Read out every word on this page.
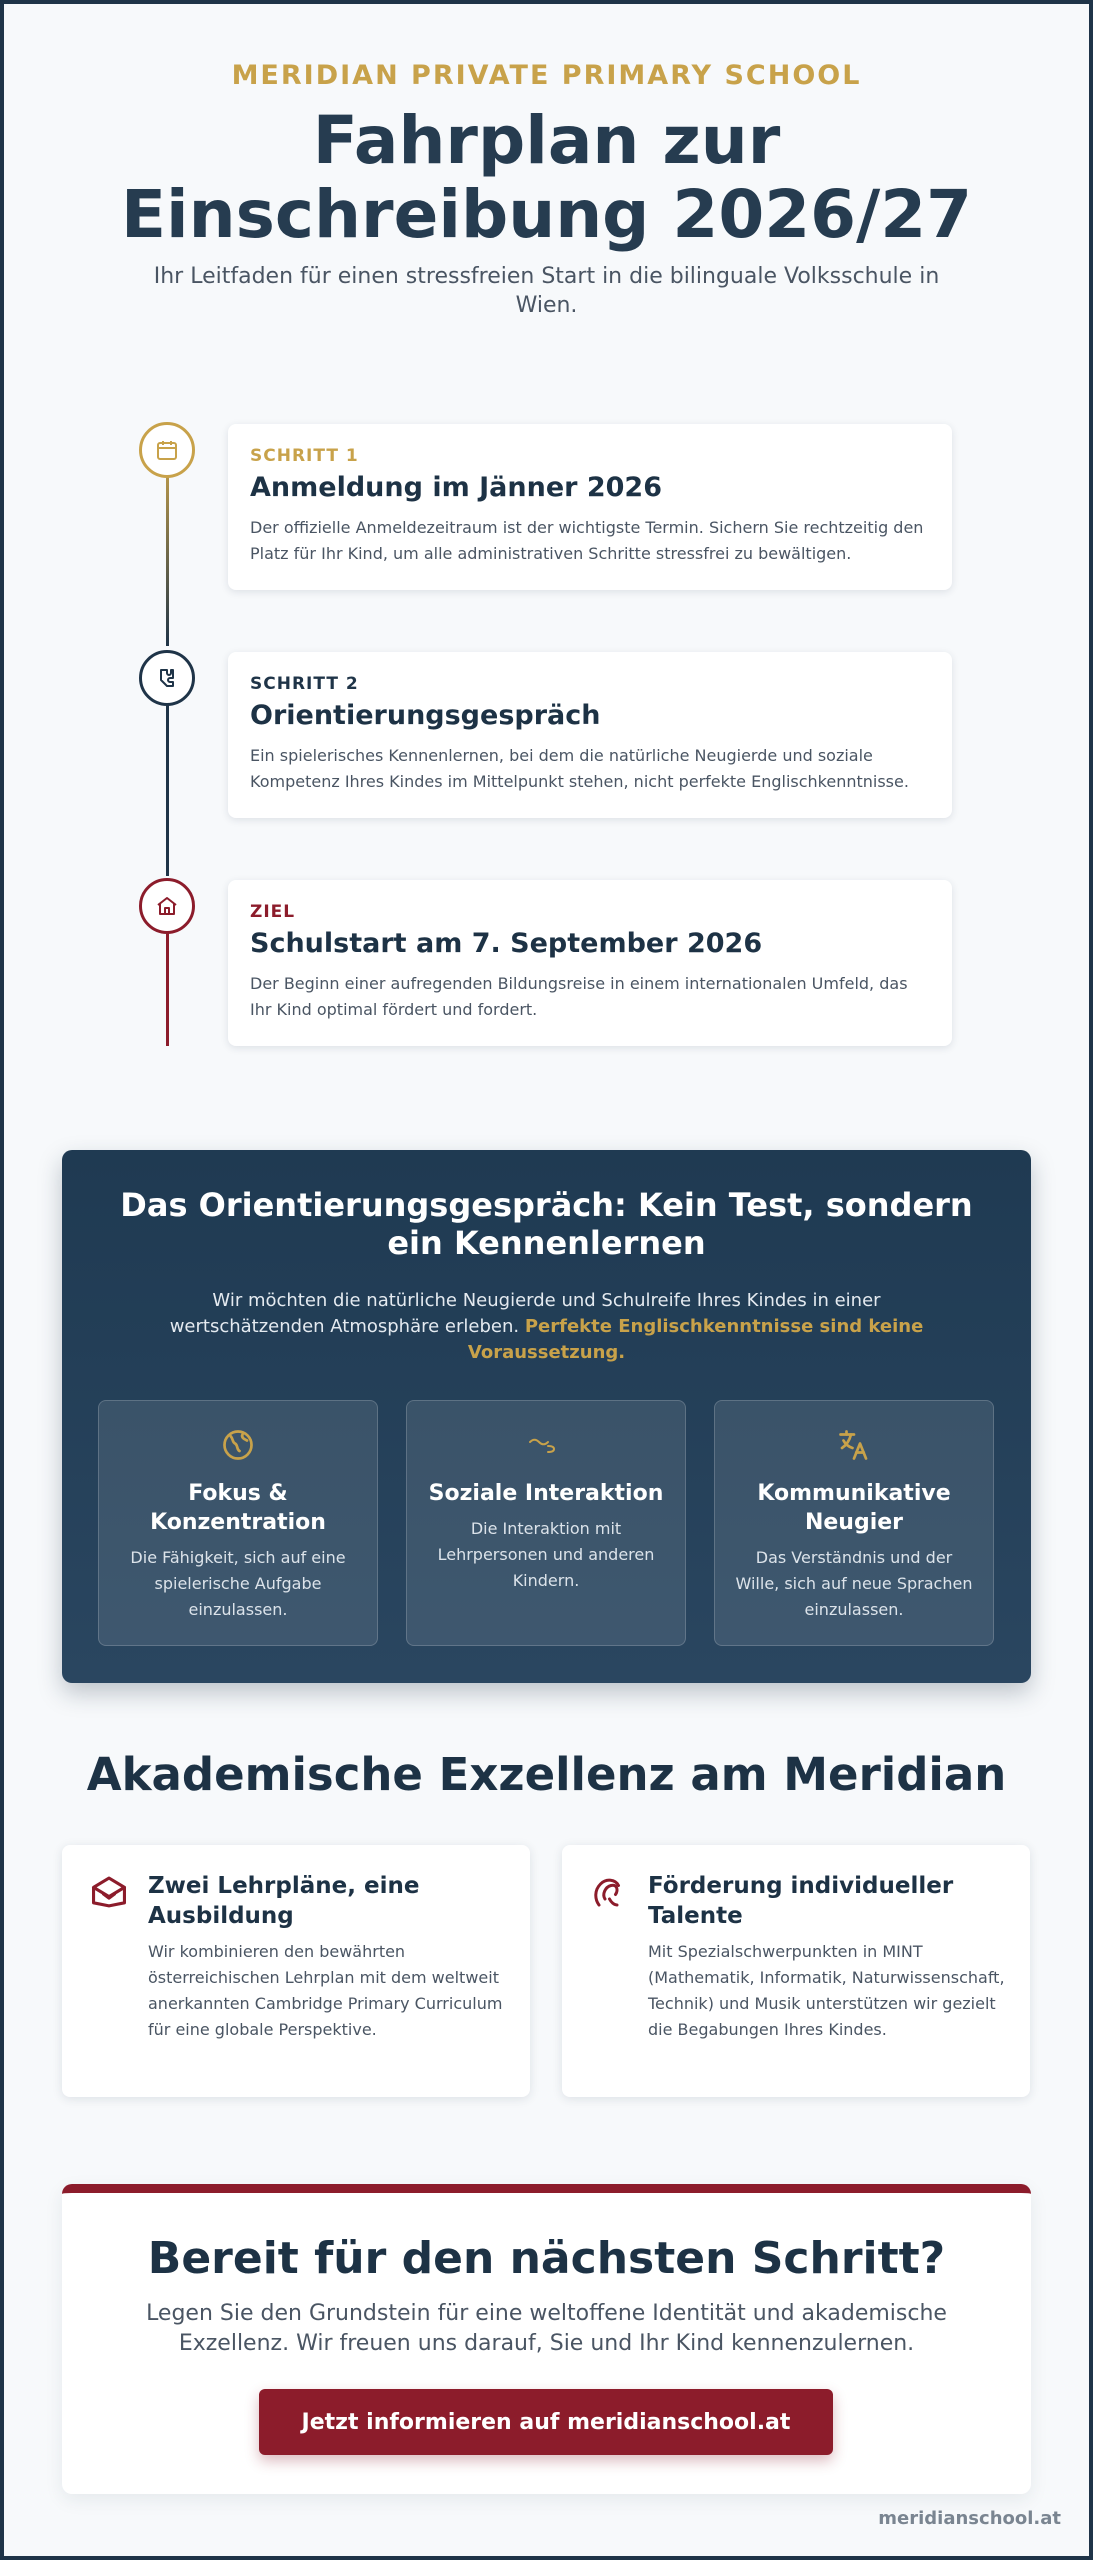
MERIDIAN PRIVATE PRIMARY SCHOOL
Fahrplan zur
Einschreibung 2026/27

Ihr Leitfaden für einen stressfreien Start in die bilinguale Volksschule in Wien.

SCHRITT 1
Anmeldung im Jänner 2026
Der offizielle Anmeldezeitraum ist der wichtigste Termin. Sichern Sie rechtzeitig den Platz für Ihr Kind, um alle administrativen Schritte stressfrei zu bewältigen.
SCHRITT 2
Orientierungsgespräch
Ein spielerisches Kennenlernen, bei dem die natürliche Neugierde und soziale Kompetenz Ihres Kindes im Mittelpunkt stehen, nicht perfekte Englischkenntnisse.
ZIEL
Schulstart am 7. September 2026
Der Beginn einer aufregenden Bildungsreise in einem internationalen Umfeld, das Ihr Kind optimal fördert und fordert.
Das Orientierungsgespräch: Kein Test, sondern ein Kennenlernen

Wir möchten die natürliche Neugierde und Schulreife Ihres Kindes in einer wertschätzenden Atmosphäre erleben. Perfekte Englischkenntnisse sind keine Voraussetzung.

Fokus & Konzentration
Die Fähigkeit, sich auf eine spielerische Aufgabe einzulassen.
Soziale Interaktion
Die Interaktion mit Lehrpersonen und anderen Kindern.
Kommunikative Neugier
Das Verständnis und der Wille, sich auf neue Sprachen einzulassen.
Akademische Exzellenz am Meridian
Zwei Lehrpläne, eine Ausbildung
Wir kombinieren den bewährten österreichischen Lehrplan mit dem weltweit anerkannten Cambridge Primary Curriculum für eine globale Perspektive.
Förderung individueller Talente
Mit Spezialschwerpunkten in MINT (Mathematik, Informatik, Naturwissenschaft, Technik) und Musik unterstützen wir gezielt die Begabungen Ihres Kindes.
Bereit für den nächsten Schritt?

Legen Sie den Grundstein für eine weltoffene Identität und akademische Exzellenz. Wir freuen uns darauf, Sie und Ihr Kind kennenzulernen.

Jetzt informieren auf meridianschool.at
meridianschool.at
